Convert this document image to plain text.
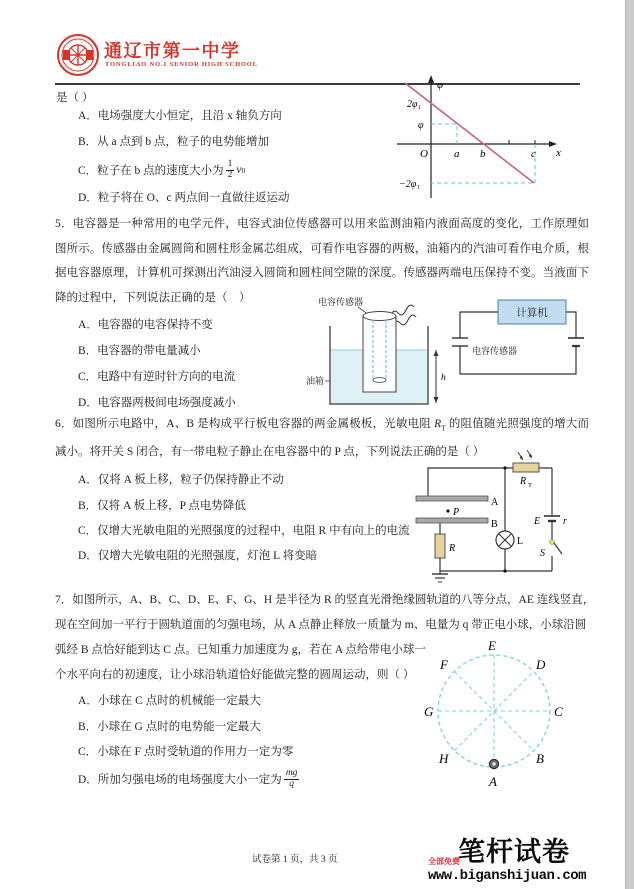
通辽市第一中学
TONGLIAO NO.1 SENIOR HIGH SCHOOL
是（ ）
A．电场强度大小恒定，且沿 x 轴负方向
B．从 a 点到 b 点，粒子的电势能增加
C．粒子在 b 点的速度大小为 $\frac{1}{2}$ v 0
D．粒子将在 O、c 两点间一直做往返运动
φ
x
2φ₁
φ
−2φ₁
O a b	c
5．电容器是一种常用的电学元件，电容式油位传感器可以用来监测油箱内液面高度的变化，工作原理如图所示。传感器由金属圆筒和圆柱形金属芯组成，可看作电容器的两极，油箱内的汽油可看作电介质，根据电容器原理，计算机可探测出汽油浸入圆筒和圆柱间空隙的深度。传感器两端电压保持不变。当液面下降的过程中，下列说法正确的是（　）
A．电容器的电容保持不变
B．电容器的带电量减小
C．电路中有逆时针方向的电流
D．电容器两极间电场强度减小
电容传感器
h
油箱
计算机
电容传感器
6．如图所示电路中，A、B 是构成平行板电容器的两金属极板，光敏电阻 $R_T$ 的阻值随光照强度的增大而减小。将开关 S 闭合，有一带电粒子静止在电容器中的 P 点，下列说法正确的是（ ）
A．仅将 A 板上移，粒子仍保持静止不动
B．仅将 A 板上移，P 点电势降低
C．仅增大光敏电阻的光照强度的过程中，电阻 R 中有向上的电流
D．仅增大光敏电阻的光照强度，灯泡 L 将变暗
A
B
P
R
L
R T
E r
S
7．如图所示，A、B、C、D、E、F、G、H 是半径为 R 的竖直光滑绝缘圆轨道的八等分点，AE 连线竖直，
现在空间加一平行于圆轨道面的匀强电场，从 A 点静止释放一质量为 m、电量为 q 带正电小球，小球沿圆
弧经 B 点恰好能到达 C 点。已知重力加速度为 g，若在 A 点给带电小球一
个水平向右的初速度，让小球沿轨道恰好能做完整的圆周运动，则（ ）
A．小球在 C 点时的机械能一定最大
B．小球在 G 点时的电势能一定最大
C．小球在 F 点时受轨道的作用力一定为零
D．所加匀强电场的电场强度大小一定为 $\frac{mg}{q}$
E
D
C
B
A
H
G
F
试卷第 1 页，共 3 页	笔杆试卷
全部免费
www.biganshijuan.com
